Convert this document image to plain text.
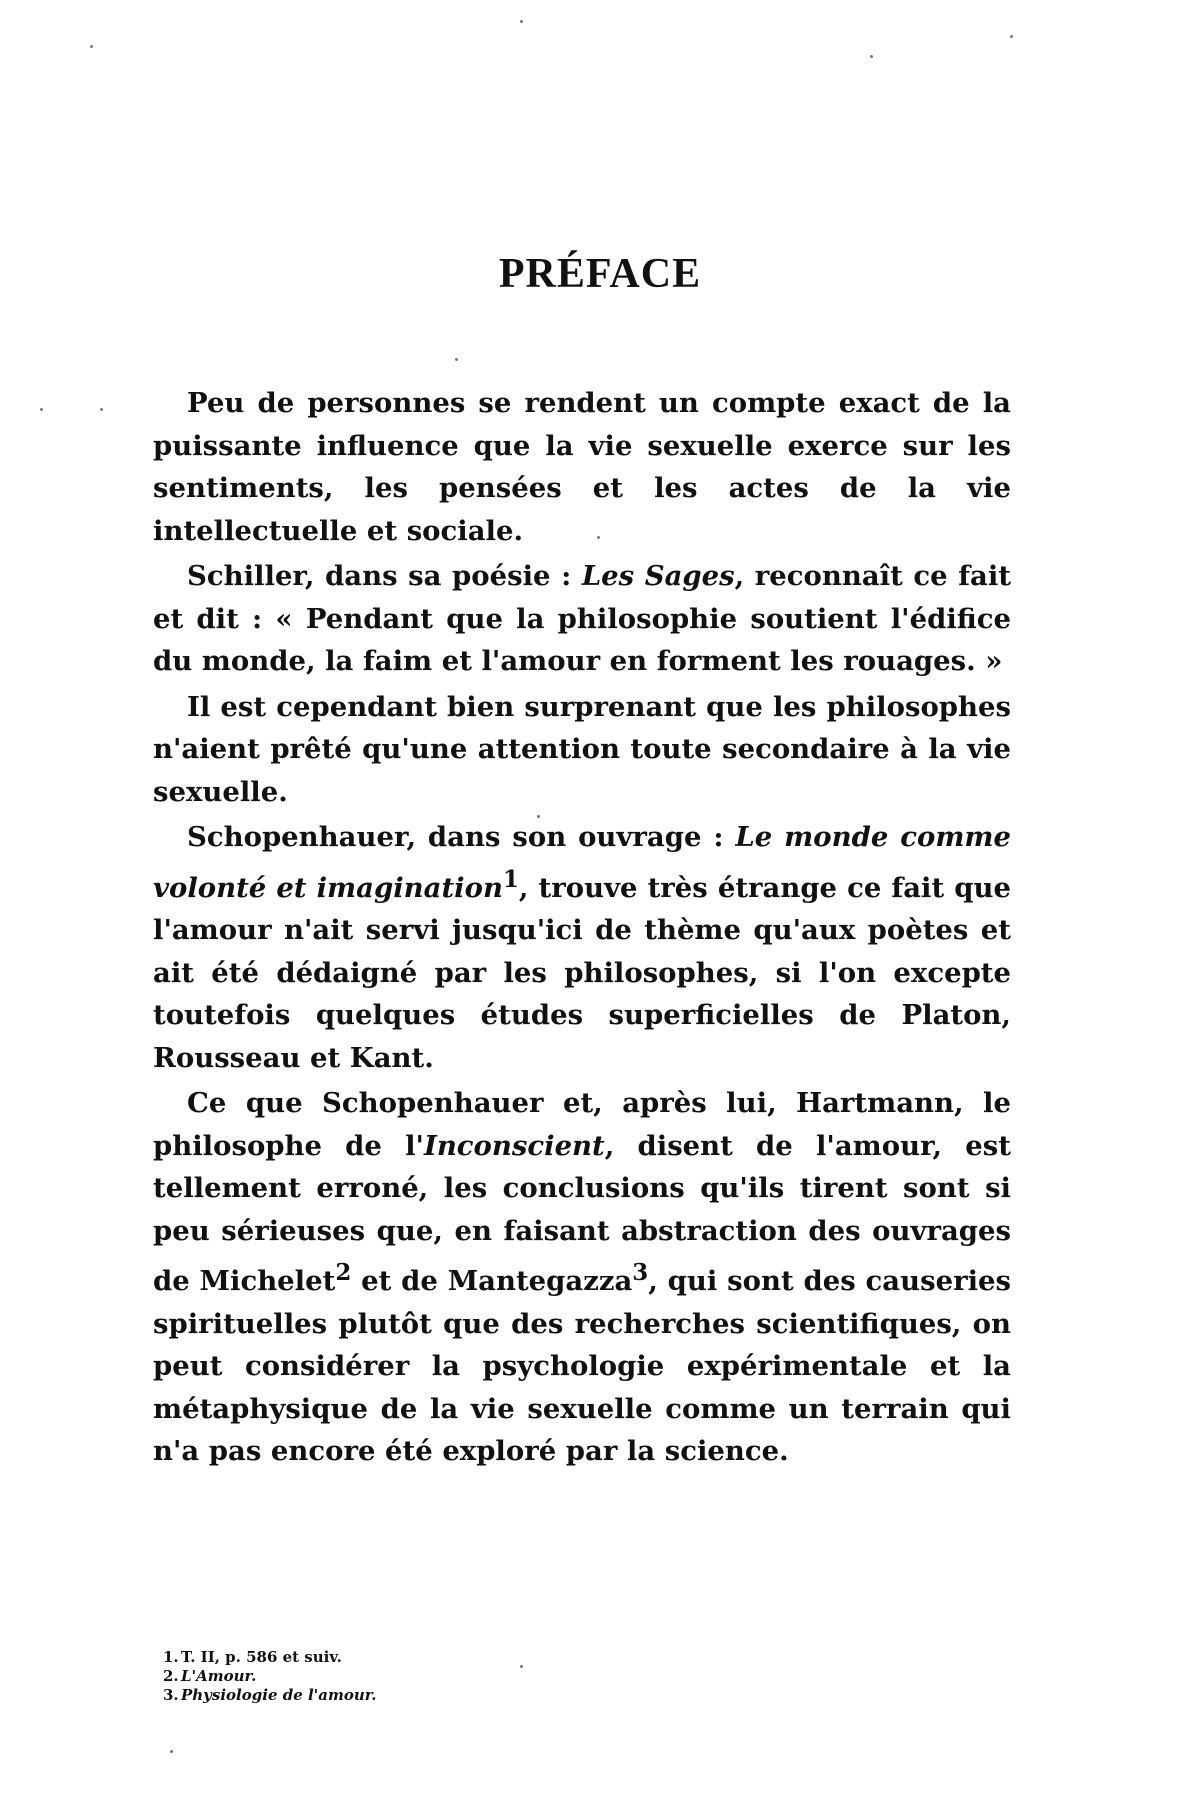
PRÉFACE

Peu de personnes se rendent un compte exact de la puissante influence que la vie sexuelle exerce sur les sentiments, les pensées et les actes de la vie intellectuelle et sociale.

Schiller, dans sa poésie : Les Sages, reconnaît ce fait et dit : « Pendant que la philosophie soutient l'édifice du monde, la faim et l'amour en forment les rouages. »

Il est cependant bien surprenant que les philosophes n'aient prêté qu'une attention toute secondaire à la vie sexuelle.

Schopenhauer, dans son ouvrage : Le monde comme volonté et imagination$^1$, trouve très étrange ce fait que l'amour n'ait servi jusqu'ici de thème qu'aux poètes et ait été dédaigné par les philosophes, si l'on excepte toutefois quelques études superficielles de Platon, Rousseau et Kant.

Ce que Schopenhauer et, après lui, Hartmann, le philosophe de l'Inconscient, disent de l'amour, est tellement erroné, les conclusions qu'ils tirent sont si peu sérieuses que, en faisant abstraction des ouvrages de Michelet$^2$ et de Mantegazza$^3$, qui sont des causeries spirituelles plutôt que des recherches scientifiques, on peut considérer la psychologie expérimentale et la métaphysique de la vie sexuelle comme un terrain qui n'a pas encore été exploré par la science.

1. T. II, p. 586 et suiv.

2. L'Amour.

3. Physiologie de l'amour.
